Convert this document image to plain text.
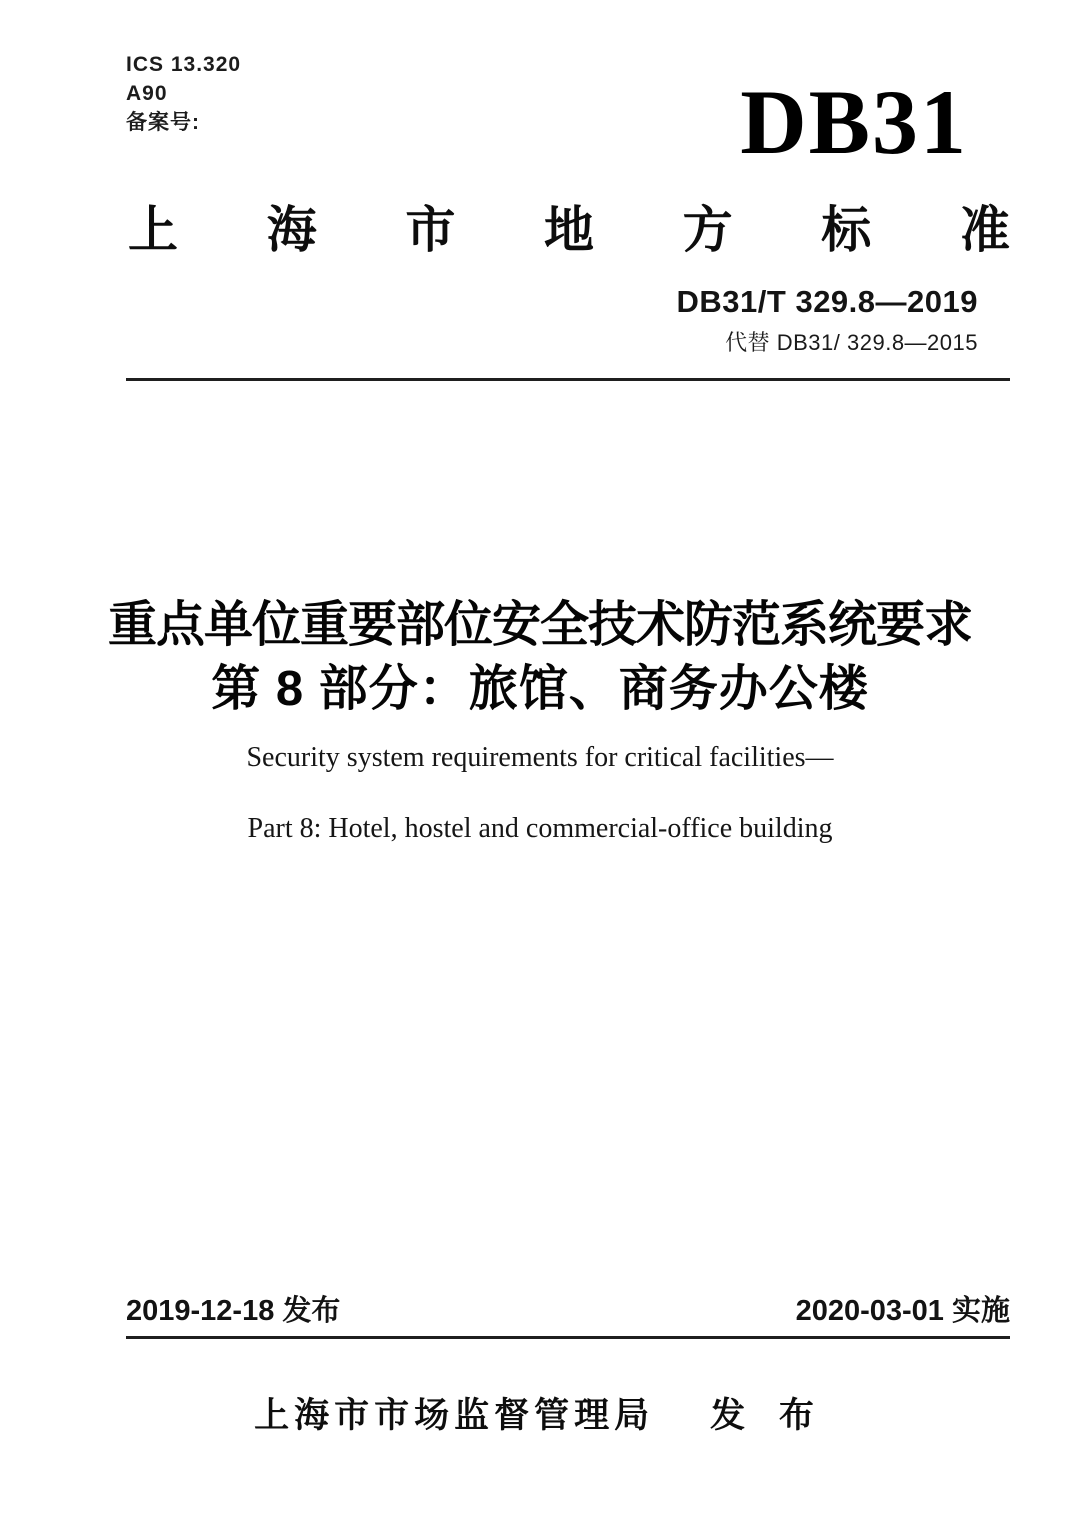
ICS 13.320
A90
备案号:	DB31
上 海 市 地 方 标 准
DB31/T 329.8—2019
代替 DB31/ 329.8—2015
重点单位重要部位安全技术防范系统要求
第 8 部分：旅馆、商务办公楼
Security system requirements for critical facilities—
Part 8: Hotel, hostel and commercial-office building
2019-12-18 发布	2020-03-01 实施
上海市市场监督管理局 发 布
